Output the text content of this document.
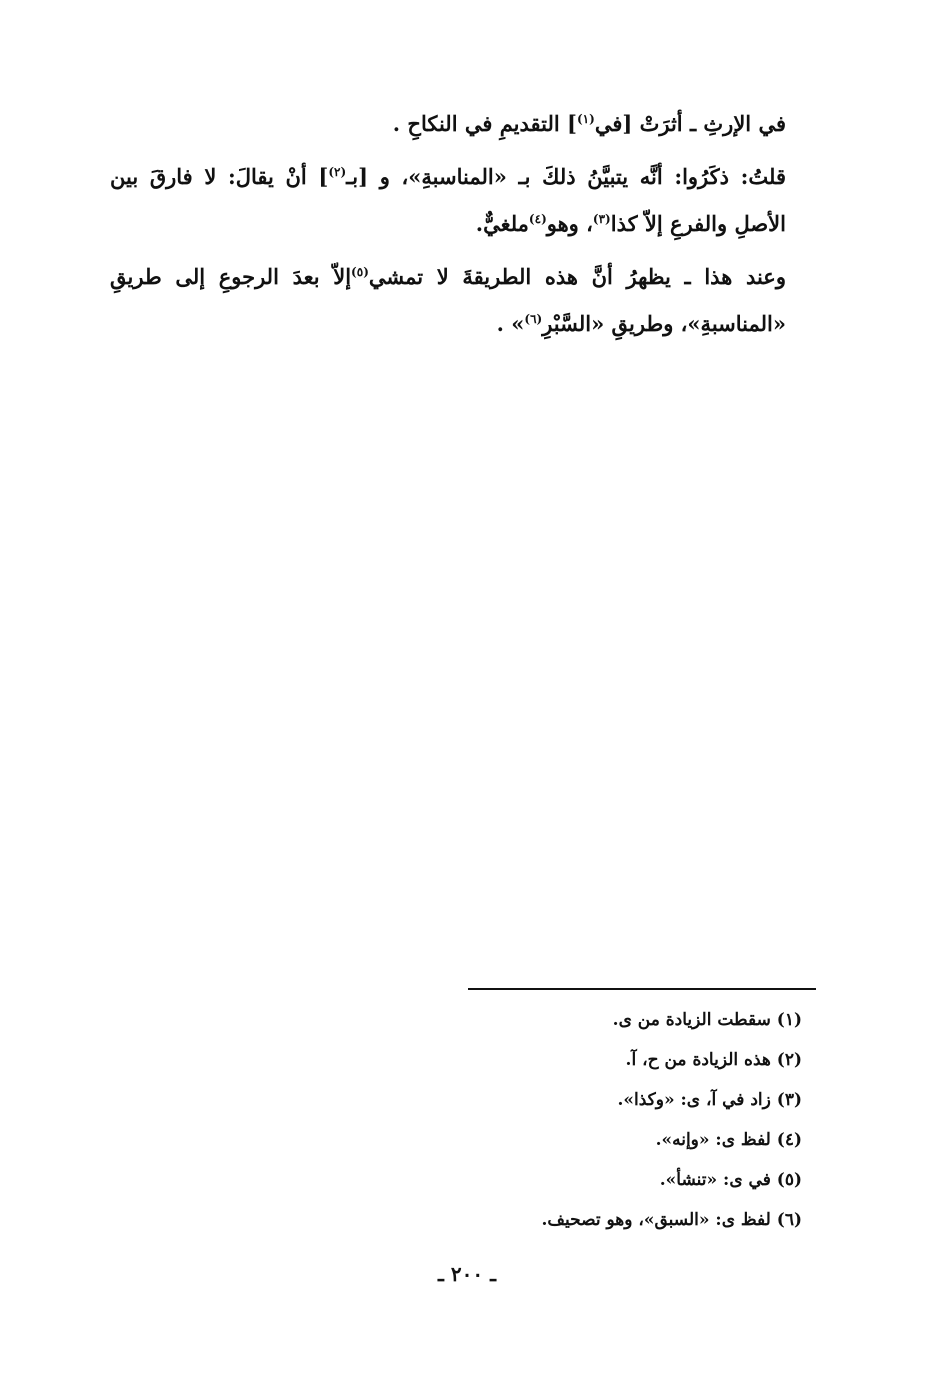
في الإرثِ ـ أثرَتْ [في$^{(١)}$] التقديمِ في النكاحِ .

قلتُ: ذكَرُوا: أنَّه يتبيَّنُ ذلكَ بـ «المناسبةِ»، و [بـ$^{(٢)}$] أنْ يقالَ: لا فارقَ بين الأصلِ والفرعِ إلاّ كذا$^{(٣)}$، وهو$^{(٤)}$ملغيٌّ.

وعند هذا ـ يظهرُ أنَّ هذه الطريقةَ لا تمشي$^{(٥)}$إلاّ بعدَ الرجوعِ إلى طريقِ «المناسبةِ»، وطريقِ «السَّبْرِ$^{(٦)}$» .

(١) سقطت الزيادة من ى.
(٢) هذه الزيادة من ح، آ.
(٣) زاد في آ، ى: «وكذا».
(٤) لفظ ى: «وإنه».
(٥) في ى: «تنشأ».
(٦) لفظ ى: «السبق»، وهو تصحيف.
ـ ٢٠٠ ـ
